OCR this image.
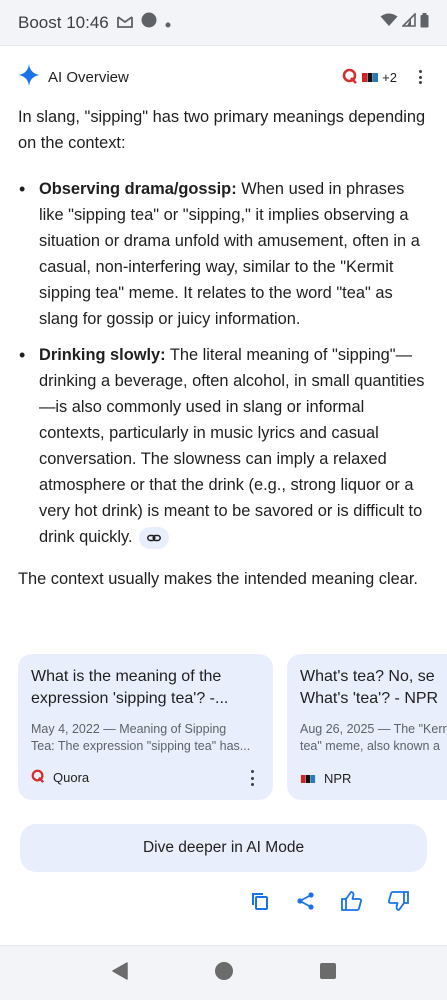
Boost 10:46
AI Overview	+2

In slang, "sipping" has two primary meanings depending on the context:

• Observing drama/gossip: When used in phrases like "sipping tea" or "sipping," it implies observing a situation or drama unfold with amusement, often in a casual, non-interfering way, similar to the "Kermit sipping tea" meme. It relates to the word "tea" as slang for gossip or juicy information.
• Drinking slowly: The literal meaning of "sipping"—drinking a beverage, often alcohol, in small quantities—is also commonly used in slang or informal contexts, particularly in music lyrics and casual conversation. The slowness can imply a relaxed atmosphere or that the drink (e.g., strong liquor or a very hot drink) is meant to be savored or is difficult to drink quickly.

The context usually makes the intended meaning clear.

What is the meaning of the
expression 'sipping tea'? -...
May 4, 2022 — Meaning of Sipping
Tea: The expression "sipping tea" has...
Quora
What's tea? No, se
What's 'tea'? - NPR
Aug 26, 2025 — The "Kerr
tea" meme, also known a
NPR
Dive deeper in AI Mode
